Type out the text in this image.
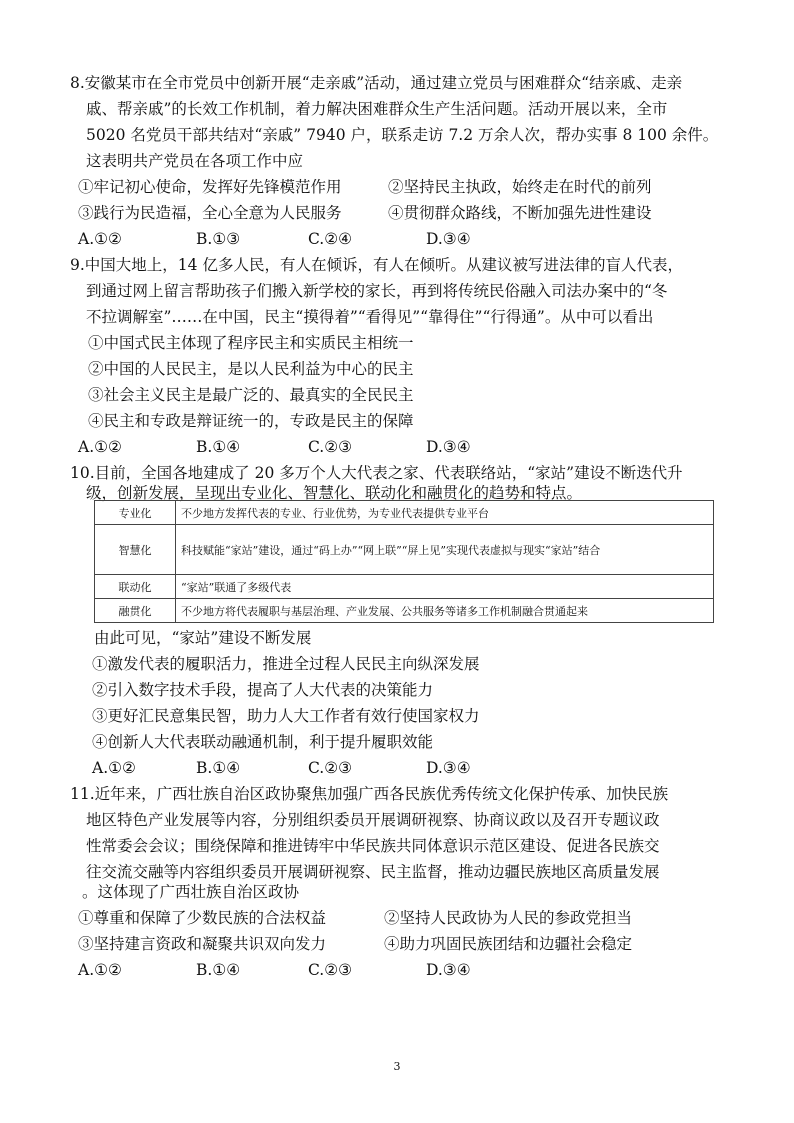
8.安徽某市在全市党员中创新开展“走亲戚”活动，通过建立党员与困难群众“结亲戚、走亲
戚、帮亲戚”的长效工作机制，着力解决困难群众生产生活问题。活动开展以来，全市
5020 名党员干部共结对“亲戚” 7940 户，联系走访 7.2 万余人次，帮办实事 8 100 余件。
这表明共产党员在各项工作中应
①牢记初心使命，发挥好先锋模范作用	②坚持民主执政，始终走在时代的前列
③践行为民造福，全心全意为人民服务	④贯彻群众路线，不断加强先进性建设
A.①②	B.①③	C.②④	D.③④
9.中国大地上，14 亿多人民，有人在倾诉，有人在倾听。从建议被写进法律的盲人代表，
到通过网上留言帮助孩子们搬入新学校的家长，再到将传统民俗融入司法办案中的“冬
不拉调解室”……在中国，民主“摸得着”“看得见”“靠得住”“行得通”。从中可以看出
①中国式民主体现了程序民主和实质民主相统一
②中国的人民民主，是以人民利益为中心的民主
③社会主义民主是最广泛的、最真实的全民民主
④民主和专政是辩证统一的，专政是民主的保障
A.①②	B.①④	C.②③	D.③④
10.目前，全国各地建成了 20 多万个人大代表之家、代表联络站，“家站”建设不断迭代升
级，创新发展，呈现出专业化、智慧化、联动化和融贯化的趋势和特点。
专业化	不少地方发挥代表的专业、行业优势，为专业代表提供专业平台
智慧化	科技赋能“家站”建设，通过“码上办”“网上联”“屏上见”实现代表虚拟与现实“家站”结合
联动化	“家站”联通了多级代表
融贯化	不少地方将代表履职与基层治理、产业发展、公共服务等诸多工作机制融合贯通起来
由此可见，“家站”建设不断发展
①激发代表的履职活力，推进全过程人民民主向纵深发展
②引入数字技术手段，提高了人大代表的决策能力
③更好汇民意集民智，助力人大工作者有效行使国家权力
④创新人大代表联动融通机制，利于提升履职效能
A.①②	B.①④	C.②③	D.③④
11.近年来，广西壮族自治区政协聚焦加强广西各民族优秀传统文化保护传承、加快民族
地区特色产业发展等内容，分别组织委员开展调研视察、协商议政以及召开专题议政
性常委会会议；围绕保障和推进铸牢中华民族共同体意识示范区建设、促进各民族交
往交流交融等内容组织委员开展调研视察、民主监督，推动边疆民族地区高质量发展
。这体现了广西壮族自治区政协
①尊重和保障了少数民族的合法权益	②坚持人民政协为人民的参政党担当
③坚持建言资政和凝聚共识双向发力	④助力巩固民族团结和边疆社会稳定
A.①②	B.①④	C.②③	D.③④
3
